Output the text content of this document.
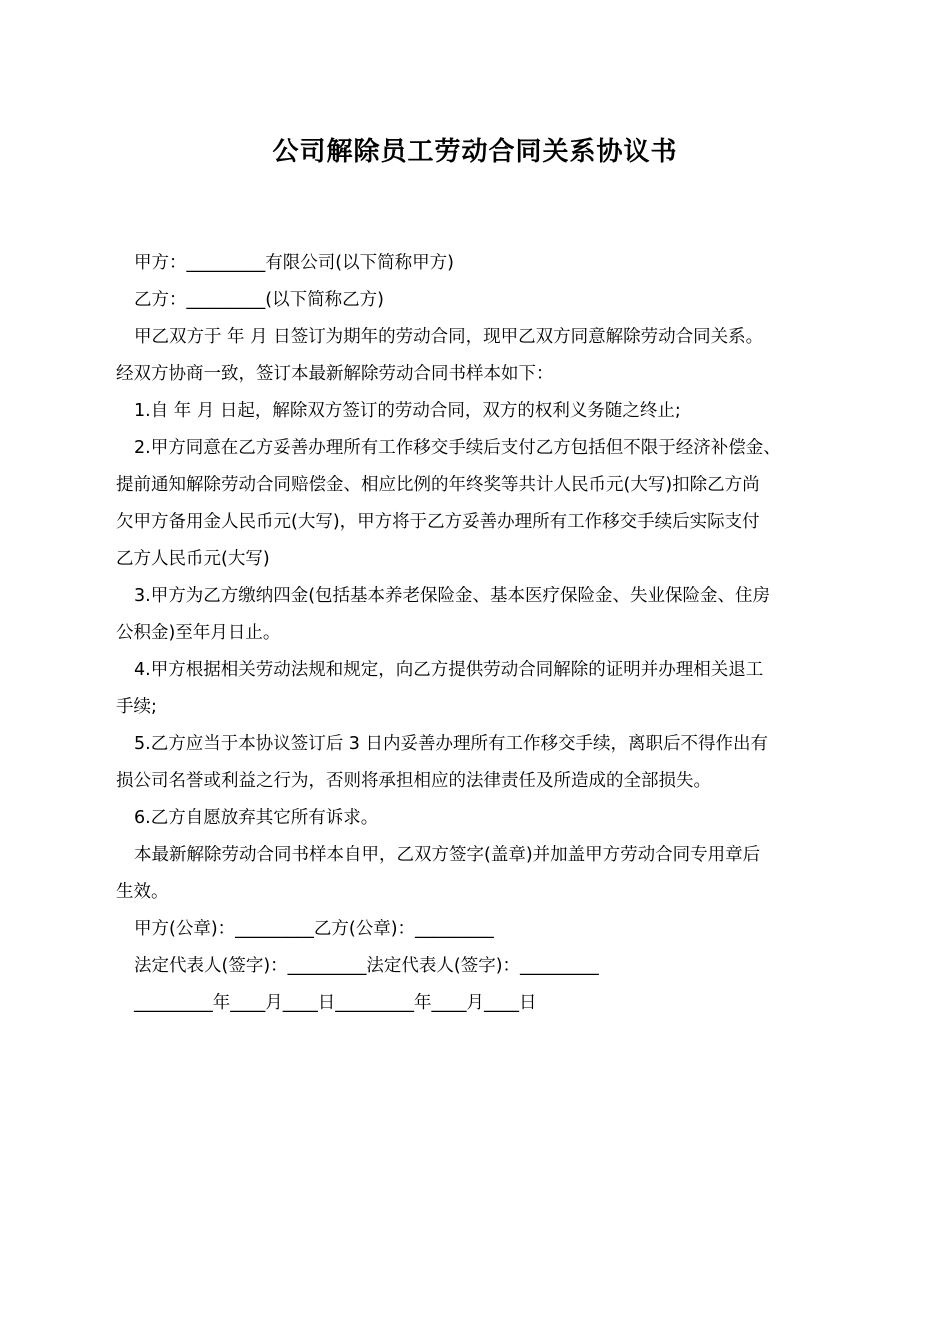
公司解除员工劳动合同关系协议书
甲方：_________有限公司(以下简称甲方)
乙方：_________(以下简称乙方)
甲乙双方于 年 月 日签订为期年的劳动合同，现甲乙双方同意解除劳动合同关系。
经双方协商一致，签订本最新解除劳动合同书样本如下：
1.自 年 月 日起，解除双方签订的劳动合同，双方的权利义务随之终止;
2.甲方同意在乙方妥善办理所有工作移交手续后支付乙方包括但不限于经济补偿金、
提前通知解除劳动合同赔偿金、相应比例的年终奖等共计人民币元(大写)扣除乙方尚
欠甲方备用金人民币元(大写)，甲方将于乙方妥善办理所有工作移交手续后实际支付
乙方人民币元(大写)
3.甲方为乙方缴纳四金(包括基本养老保险金、基本医疗保险金、失业保险金、住房
公积金)至年月日止。
4.甲方根据相关劳动法规和规定，向乙方提供劳动合同解除的证明并办理相关退工
手续;
5.乙方应当于本协议签订后 3 日内妥善办理所有工作移交手续，离职后不得作出有
损公司名誉或利益之行为，否则将承担相应的法律责任及所造成的全部损失。
6.乙方自愿放弃其它所有诉求。
本最新解除劳动合同书样本自甲，乙双方签字(盖章)并加盖甲方劳动合同专用章后
生效。
甲方(公章)：_________乙方(公章)：_________
法定代表人(签字)：_________法定代表人(签字)：_________
_________年____月____日_________年____月____日
